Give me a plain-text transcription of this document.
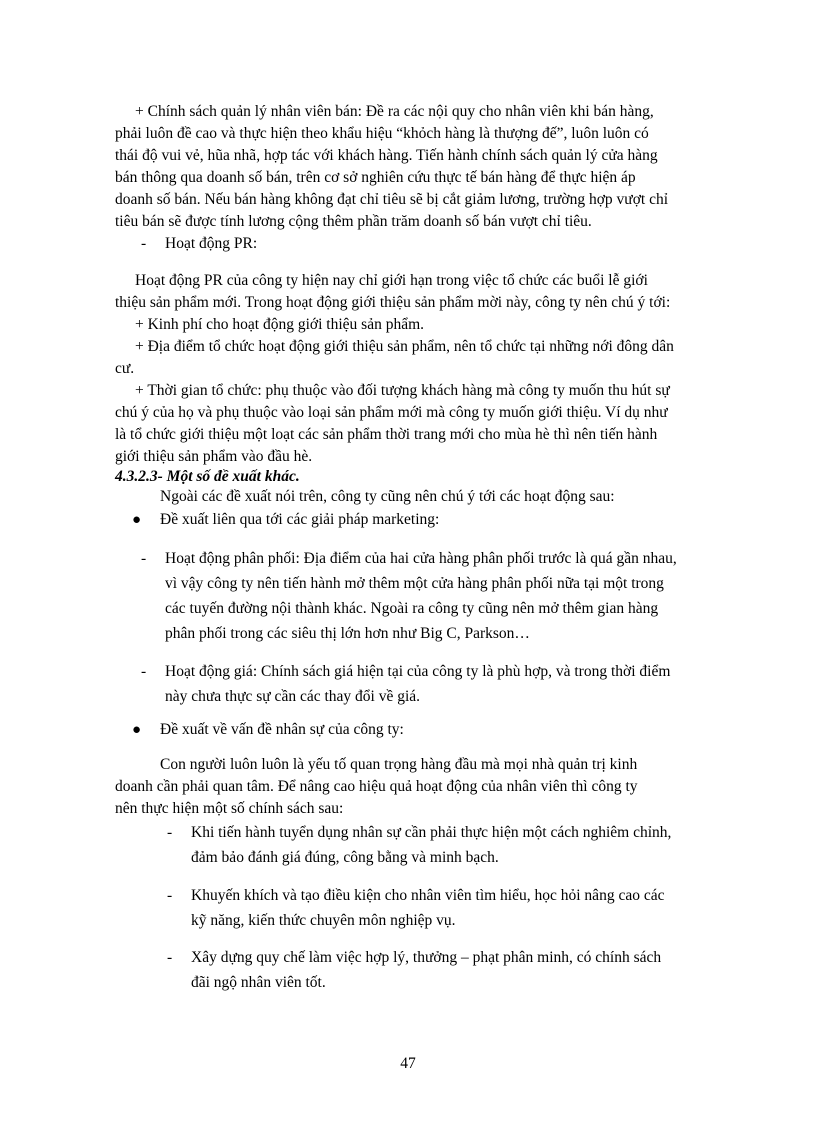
+ Chính sách quản lý nhân viên bán: Đề ra các nội quy cho nhân viên khi bán hàng,
phải luôn đề cao và thực hiện theo khẩu hiệu “khỏch hàng là thượng đế”, luôn luôn có
thái độ vui vẻ, hũa nhã, hợp tác với khách hàng. Tiến hành chính sách quản lý cửa hàng
bán thông qua doanh số bán, trên cơ sở nghiên cứu thực tế bán hàng để thực hiện áp
doanh số bán. Nếu bán hàng không đạt chỉ tiêu sẽ bị cắt giảm lương, trường hợp vượt chỉ
tiêu bán sẽ được tính lương cộng thêm phần trăm doanh số bán vượt chỉ tiêu.
-	Hoạt động PR:
Hoạt động PR của công ty hiện nay chỉ giới hạn trong việc tổ chức các buổi lễ giới
thiệu sản phẩm mới. Trong hoạt động giới thiệu sản phẩm mời này, công ty nên chú ý tới:
+ Kinh phí cho hoạt động giới thiệu sản phẩm.
+ Địa điểm tổ chức hoạt động giới thiệu sản phẩm, nên tổ chức tại những nới đông dân
cư.
+ Thời gian tổ chức: phụ thuộc vào đối tượng khách hàng mà công ty muốn thu hút sự
chú ý của họ và phụ thuộc vào loại sản phẩm mới mà công ty muốn giới thiệu. Ví dụ như
là tổ chức giới thiệu một loạt các sản phẩm thời trang mới cho mùa hè thì nên tiến hành
giới thiệu sản phẩm vào đầu hè.
4.3.2.3- Một số đề xuất khác.
Ngoài các đề xuất nói trên, công ty cũng nên chú ý tới các hoạt động sau:
●	Đề xuất liên qua tới các giải pháp marketing:
-	Hoạt động phân phối: Địa điểm của hai cửa hàng phân phối trước là quá gần nhau,
vì vậy công ty nên tiến hành mở thêm một cửa hàng phân phối nữa tại một trong
các tuyến đường nội thành khác. Ngoài ra công ty cũng nên mở thêm gian hàng
phân phối trong các siêu thị lớn hơn như Big C, Parkson…
-	Hoạt động giá: Chính sách giá hiện tại của công ty là phù hợp, và trong thời điểm
này chưa thực sự cần các thay đổi về giá.
●	Đề xuất về vấn đề nhân sự của công ty:
Con người luôn luôn là yếu tố quan trọng hàng đầu mà mọi nhà quản trị kinh
doanh cần phải quan tâm. Để nâng cao hiệu quả hoạt động của nhân viên thì công ty
nên thực hiện một số chính sách sau:
-	Khi tiến hành tuyển dụng nhân sự cần phải thực hiện một cách nghiêm chỉnh,
đảm bảo đánh giá đúng, công bằng và minh bạch.
-	Khuyến khích và tạo điều kiện cho nhân viên tìm hiểu, học hỏi nâng cao các
kỹ năng, kiến thức chuyên môn nghiệp vụ.
-	Xây dựng quy chế làm việc hợp lý, thưởng – phạt phân minh, có chính sách
đãi ngộ nhân viên tốt.
47
